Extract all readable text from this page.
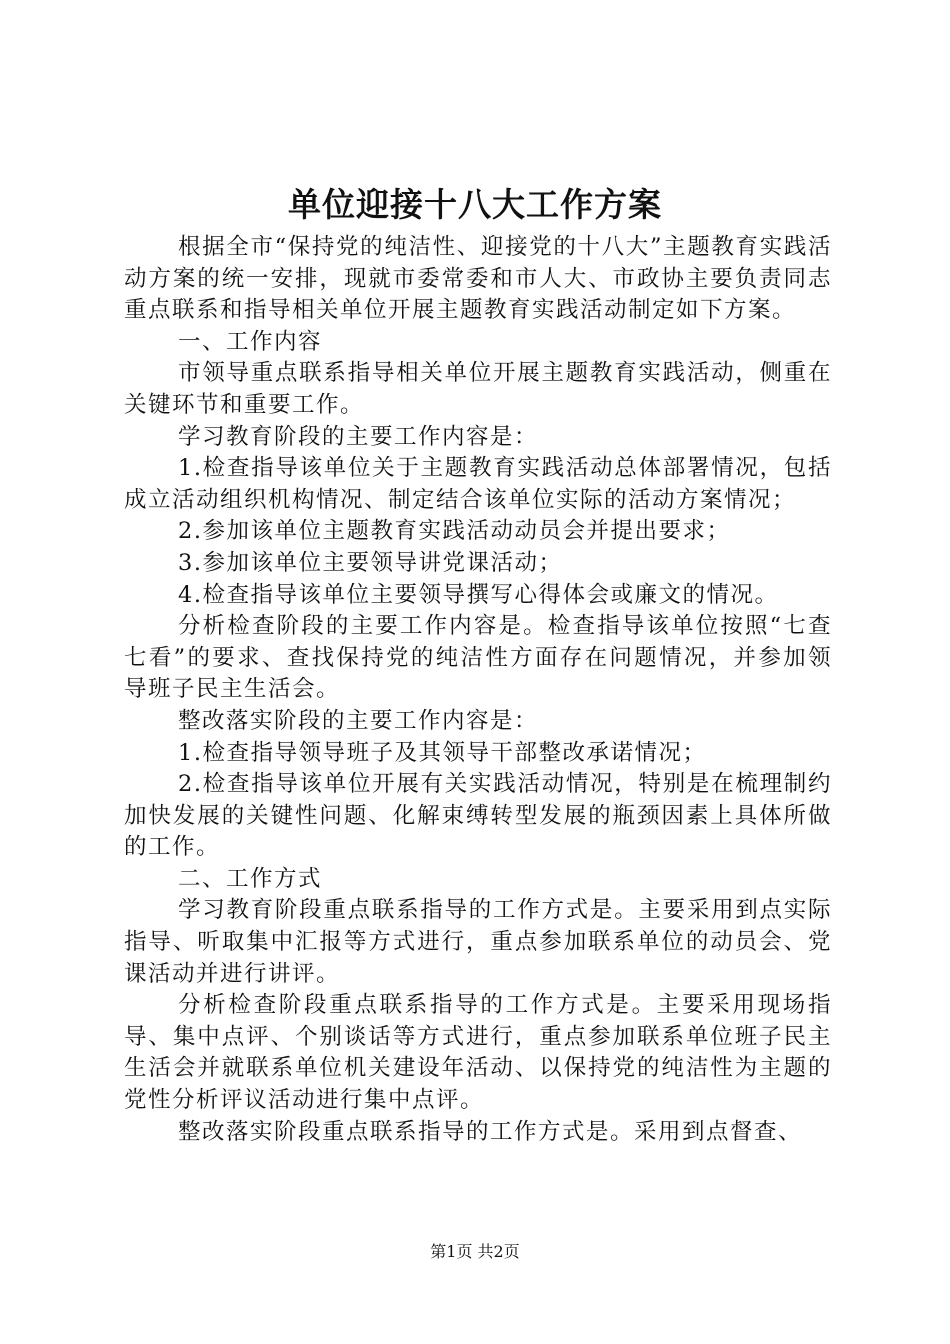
单位迎接十八大工作方案

根据全市“保持党的纯洁性、迎接党的十八大”主题教育实践活动方案的统一安排，现就市委常委和市人大、市政协主要负责同志重点联系和指导相关单位开展主题教育实践活动制定如下方案。

一、工作内容

市领导重点联系指导相关单位开展主题教育实践活动，侧重在关键环节和重要工作。

学习教育阶段的主要工作内容是：

1.检查指导该单位关于主题教育实践活动总体部署情况，包括成立活动组织机构情况、制定结合该单位实际的活动方案情况；

2.参加该单位主题教育实践活动动员会并提出要求；

3.参加该单位主要领导讲党课活动；

4.检查指导该单位主要领导撰写心得体会或廉文的情况。

分析检查阶段的主要工作内容是。检查指导该单位按照“七查七看”的要求、查找保持党的纯洁性方面存在问题情况，并参加领导班子民主生活会。

整改落实阶段的主要工作内容是：

1.检查指导领导班子及其领导干部整改承诺情况；

2.检查指导该单位开展有关实践活动情况，特别是在梳理制约加快发展的关键性问题、化解束缚转型发展的瓶颈因素上具体所做的工作。

二、工作方式

学习教育阶段重点联系指导的工作方式是。主要采用到点实际指导、听取集中汇报等方式进行，重点参加联系单位的动员会、党课活动并进行讲评。

分析检查阶段重点联系指导的工作方式是。主要采用现场指导、集中点评、个别谈话等方式进行，重点参加联系单位班子民主生活会并就联系单位机关建设年活动、以保持党的纯洁性为主题的党性分析评议活动进行集中点评。

整改落实阶段重点联系指导的工作方式是。采用到点督查、

第1页 共2页
